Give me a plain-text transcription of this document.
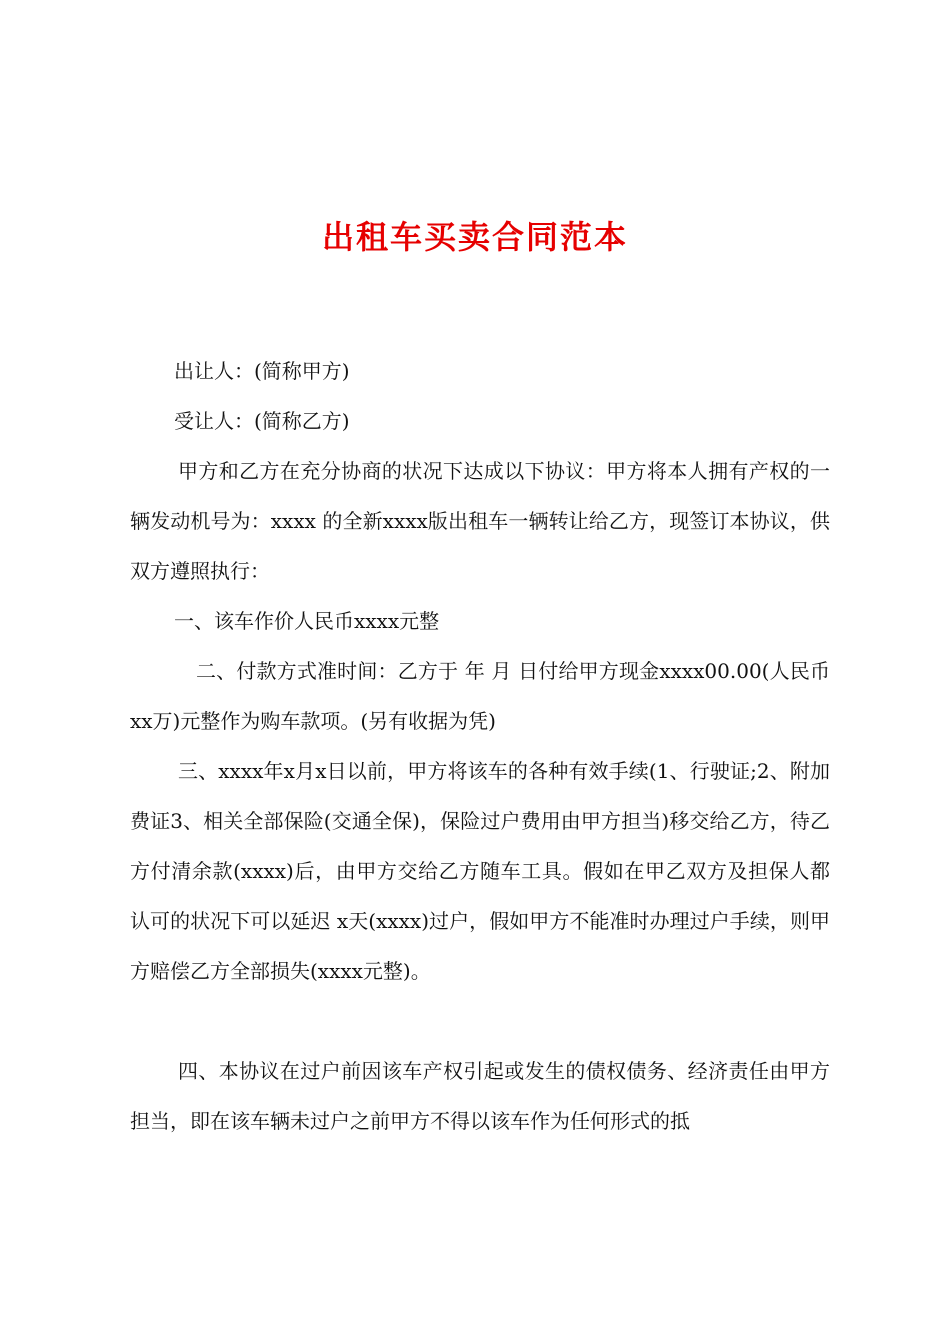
出租车买卖合同范本

出让人：(简称甲方)

受让人：(简称乙方)

甲方和乙方在充分协商的状况下达成以下协议：甲方将本人拥有产权的一辆发动机号为：xxxx 的全新xxxx版出租车一辆转让给乙方，现签订本协议，供双方遵照执行：

一、该车作价人民币xxxx元整

二、付款方式准时间：乙方于 年 月 日付给甲方现金xxxx00.00(人民币xx万)元整作为购车款项。(另有收据为凭)

三、xxxx年x月x日以前，甲方将该车的各种有效手续(1、行驶证;2、附加费证3、相关全部保险(交通全保)，保险过户费用由甲方担当)移交给乙方，待乙方付清余款(xxxx)后，由甲方交给乙方随车工具。假如在甲乙双方及担保人都认可的状况下可以延迟 x天(xxxx)过户，假如甲方不能准时办理过户手续，则甲方赔偿乙方全部损失(xxxx元整)。

四、本协议在过户前因该车产权引起或发生的债权债务、经济责任由甲方担当，即在该车辆未过户之前甲方不得以该车作为任何形式的抵
